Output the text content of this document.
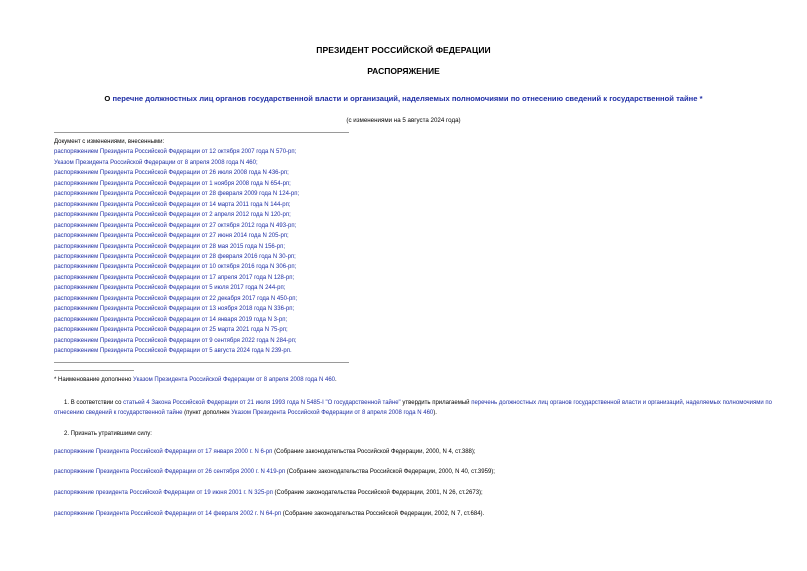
ПРЕЗИДЕНТ РОССИЙСКОЙ ФЕДЕРАЦИИ
РАСПОРЯЖЕНИЕ
О перечне должностных лиц органов государственной власти и организаций, наделяемых полномочиями по отнесению сведений к государственной тайне *
(с изменениями на 5 августа 2024 года)
Документ с изменениями, внесенными:
распоряжением Президента Российской Федерации от 12 октября 2007 года N 570-рп;
Указом Президента Российской Федерации от 8 апреля 2008 года N 460;
распоряжением Президента Российской Федерации от 26 июля 2008 года N 436-рп;
распоряжением Президента Российской Федерации от 1 ноября 2008 года N 654-рп;
распоряжением Президента Российской Федерации от 28 февраля 2009 года N 124-рп;
распоряжением Президента Российской Федерации от 14 марта 2011 года N 144-рп;
распоряжением Президента Российской Федерации от 2 апреля 2012 года N 120-рп;
распоряжением Президента Российской Федерации от 27 октября 2012 года N 493-рп;
распоряжением Президента Российской Федерации от 27 июня 2014 года N 205-рп;
распоряжением Президента Российской Федерации от 28 мая 2015 года N 156-рп;
распоряжением Президента Российской Федерации от 28 февраля 2016 года N 30-рп;
распоряжением Президента Российской Федерации от 10 октября 2016 года N 306-рп;
распоряжением Президента Российской Федерации от 17 апреля 2017 года N 128-рп;
распоряжением Президента Российской Федерации от 5 июля 2017 года N 244-рп;
распоряжением Президента Российской Федерации от 22 декабря 2017 года N 450-рп;
распоряжением Президента Российской Федерации от 13 ноября 2018 года N 336-рп;
распоряжением Президента Российской Федерации от 14 января 2019 года N 3-рп;
распоряжением Президента Российской Федерации от 25 марта 2021 года N 75-рп;
распоряжением Президента Российской Федерации от 9 сентября 2022 года N 284-рп;
распоряжением Президента Российской Федерации от 5 августа 2024 года N 239-рп.
* Наименование дополнено Указом Президента Российской Федерации от 8 апреля 2008 года N 460.
1. В соответствии со статьей 4 Закона Российской Федерации от 21 июля 1993 года N 5485-I "О государственной тайне" утвердить прилагаемый перечень должностных лиц органов государственной власти и организаций, наделяемых полномочиями по отнесению сведений к государственной тайне (пункт дополнен Указом Президента Российской Федерации от 8 апреля 2008 года N 460).
2. Признать утратившими силу:
распоряжение Президента Российской Федерации от 17 января 2000 г. N 6-рп (Собрание законодательства Российской Федерации, 2000, N 4, ст.388);
распоряжение Президента Российской Федерации от 26 сентября 2000 г. N 419-рп (Собрание законодательства Российской Федерации, 2000, N 40, ст.3959);
распоряжение президента Российской Федерации от 19 июня 2001 г. N 325-рп (Собрание законодательства Российской Федерации, 2001, N 26, ст.2673);
распоряжение Президента Российской Федерации от 14 февраля 2002 г. N 64-рп (Собрание законодательства Российской Федерации, 2002, N 7, ст.684).
